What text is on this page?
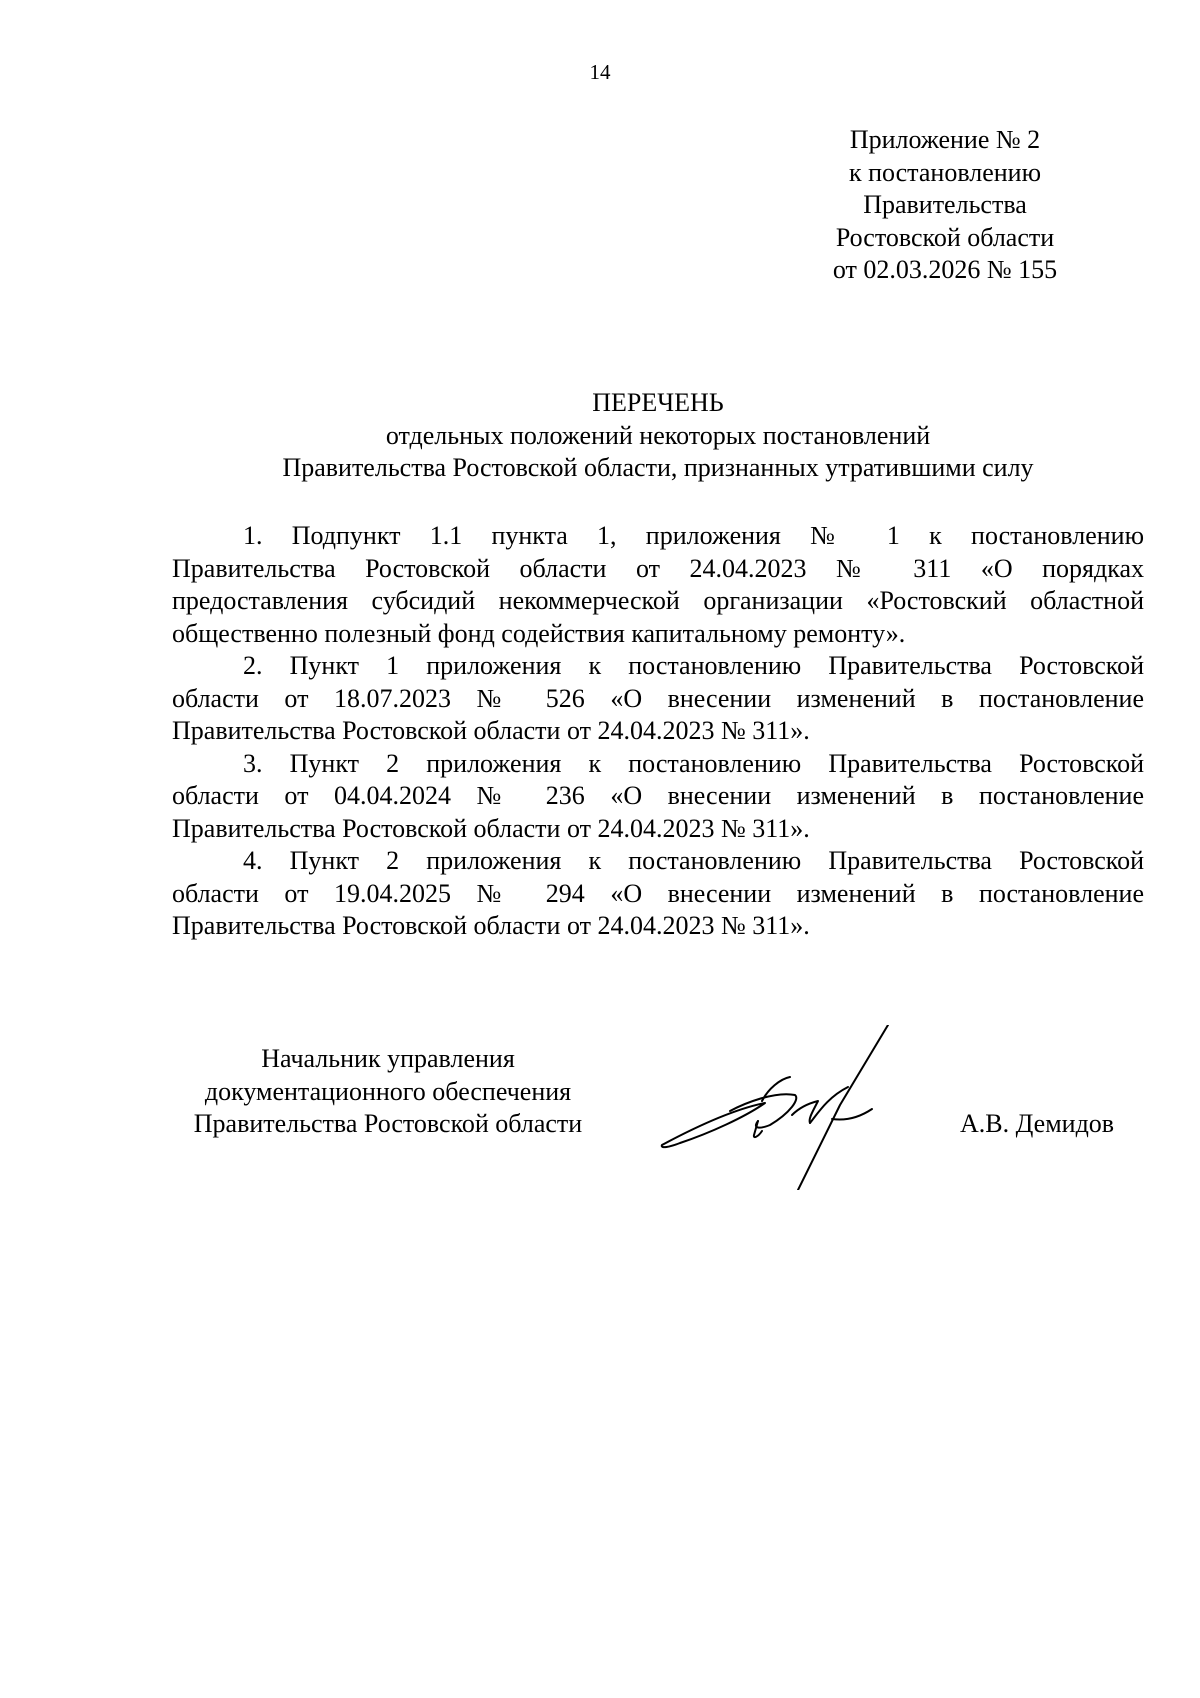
14
Приложение № 2
к постановлению
Правительства
Ростовской области
от 02.03.2026 № 155
ПЕРЕЧЕНЬ
отдельных положений некоторых постановлений
Правительства Ростовской области, признанных утратившими силу

1. Подпункт 1.1 пункта 1, приложения № 1 к постановлению
Правительства Ростовской области от 24.04.2023 № 311 «О порядках
предоставления субсидий некоммерческой организации «Ростовский областной
общественно полезный фонд содействия капитальному ремонту».

2. Пункт 1 приложения к постановлению Правительства Ростовской
области от 18.07.2023 № 526 «О внесении изменений в постановление
Правительства Ростовской области от 24.04.2023 № 311».

3. Пункт 2 приложения к постановлению Правительства Ростовской
области от 04.04.2024 № 236 «О внесении изменений в постановление
Правительства Ростовской области от 24.04.2023 № 311».

4. Пункт 2 приложения к постановлению Правительства Ростовской
области от 19.04.2025 № 294 «О внесении изменений в постановление
Правительства Ростовской области от 24.04.2023 № 311».

Начальник управления
документационного обеспечения
Правительства Ростовской области	А.В. Демидов
